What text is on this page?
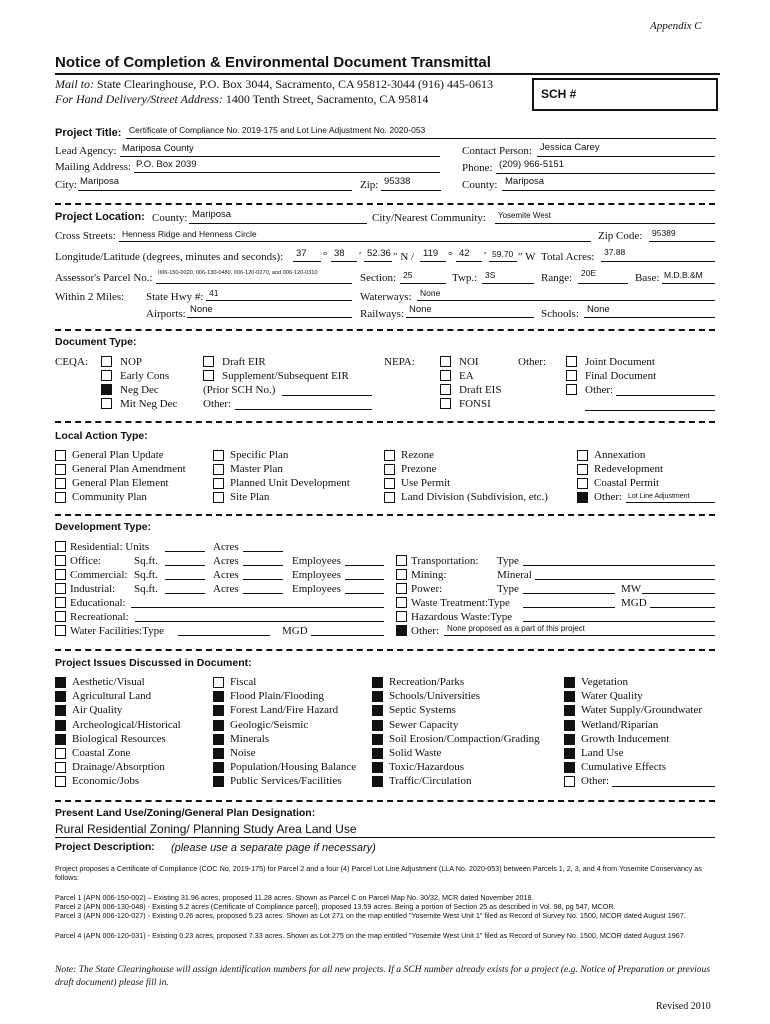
Appendix C
Notice of Completion & Environmental Document Transmittal
Mail to: State Clearinghouse, P.O. Box 3044, Sacramento, CA 95812-3044 (916) 445-0613
For Hand Delivery/Street Address: 1400 Tenth Street, Sacramento, CA 95814	SCH #
Project Title: Certificate of Compliance No. 2019-175 and Lot Line Adjustment No. 2020-053
Lead Agency: Mariposa County
Mailing Address: P.O. Box 2039
City: Mariposa	Zip: 95338
Contact Person: Jessica Carey
Phone: (209) 966-5151
County: Mariposa
Project Location: County: Mariposa	City/Nearest Community: Yosemite West
Cross Streets: Henness Ridge and Henness Circle	Zip Code: 95389
Longitude/Latitude (degrees, minutes and seconds): 37 ° 38 ′ 52.36 ″ N / 119 ° 42 ′ 59.70 ″ W Total Acres: 37.88
Assessor's Parcel No.: 006-150-0020, 006-130-0480, 006-120-0270, and 006-120-0310	Section: 25	Twp.: 3S	Range: 20E	Base: M.D.B.&M
Within 2 Miles: State Hwy #: 41	Waterways: None
Airports: None	Railways: None	Schools: None
Document Type:
CEQA:	NOP
Early Cons
Neg Dec
Mit Neg Dec
Draft EIR
Supplement/Subsequent EIR
(Prior SCH No.)
Other:
NEPA:	NOI
EA
Draft EIS
FONSI
Other:	Joint Document
Final Document
Other:
Local Action Type:
General Plan Update
General Plan Amendment
General Plan Element
Community Plan
Specific Plan
Master Plan
Planned Unit Development
Site Plan
Rezone
Prezone
Use Permit
Land Division (Subdivision, etc.)
Annexation
Redevelopment
Coastal Permit
Other: Lot Line Adjustment
Development Type:
Residential: Units	Acres
Office:	Sq.ft.	Acres	Employees
Commercial: Sq.ft.	Acres	Employees
Industrial: Sq.ft.	Acres	Employees
Educational:
Recreational:
Water Facilities:Type	MGD
Transportation: Type
Mining:	Mineral
Power:	Type	MW
Waste Treatment:Type	MGD
Hazardous Waste:Type
Other: None proposed as a part of this project
Project Issues Discussed in Document:
Aesthetic/Visual
Agricultural Land
Air Quality
Archeological/Historical
Biological Resources
Coastal Zone
Drainage/Absorption
Economic/Jobs
Fiscal
Flood Plain/Flooding
Forest Land/Fire Hazard
Geologic/Seismic
Minerals
Noise
Population/Housing Balance
Public Services/Facilities
Recreation/Parks
Schools/Universities
Septic Systems
Sewer Capacity
Soil Erosion/Compaction/Grading
Solid Waste
Toxic/Hazardous
Traffic/Circulation
Vegetation
Water Quality
Water Supply/Groundwater
Wetland/Riparian
Growth Inducement
Land Use
Cumulative Effects
Other:
Present Land Use/Zoning/General Plan Designation:
Rural Residential Zoning/ Planning Study Area Land Use
Project Description: (please use a separate page if necessary)
Project proposes a Certificate of Compliance (COC No. 2019-175) for Parcel 2 and a four (4) Parcel Lot Line Adjustment (LLA No. 2020-053) between Parcels 1, 2, 3, and 4 from Yosemite Conservancy as follows:
Parcel 1 (APN 006-150-002) – Existing 31.96 acres, proposed 11.28 acres. Shown as Parcel C on Parcel Map No. 30/32, MCR dated November 2018.
Parcel 2 (APN 006-130-048) - Existing 5.2 acres (Certificate of Compliance parcel), proposed 13.59 acres. Being a portion of Section 25 as described in Vol. 98, pg 547, MCOR.
Parcel 3 (APN 006-120-027) - Existing 0.26 acres, proposed 5.23 acres. Shown as Lot 271 on the map entitled "Yosemite West Unit 1" filed as Record of Survey No. 1500, MCOR dated August 1967.
Parcel 4 (APN 006-120-031) - Existing 0.23 acres, proposed 7.33 acres. Shown as Lot 275 on the map entitled "Yosemite West Unit 1" filed as Record of Survey No. 1500, MCOR dated August 1967.
Note: The State Clearinghouse will assign identification numbers for all new projects. If a SCH number already exists for a project (e.g. Notice of Preparation or previous draft document) please fill in.
Revised 2010
